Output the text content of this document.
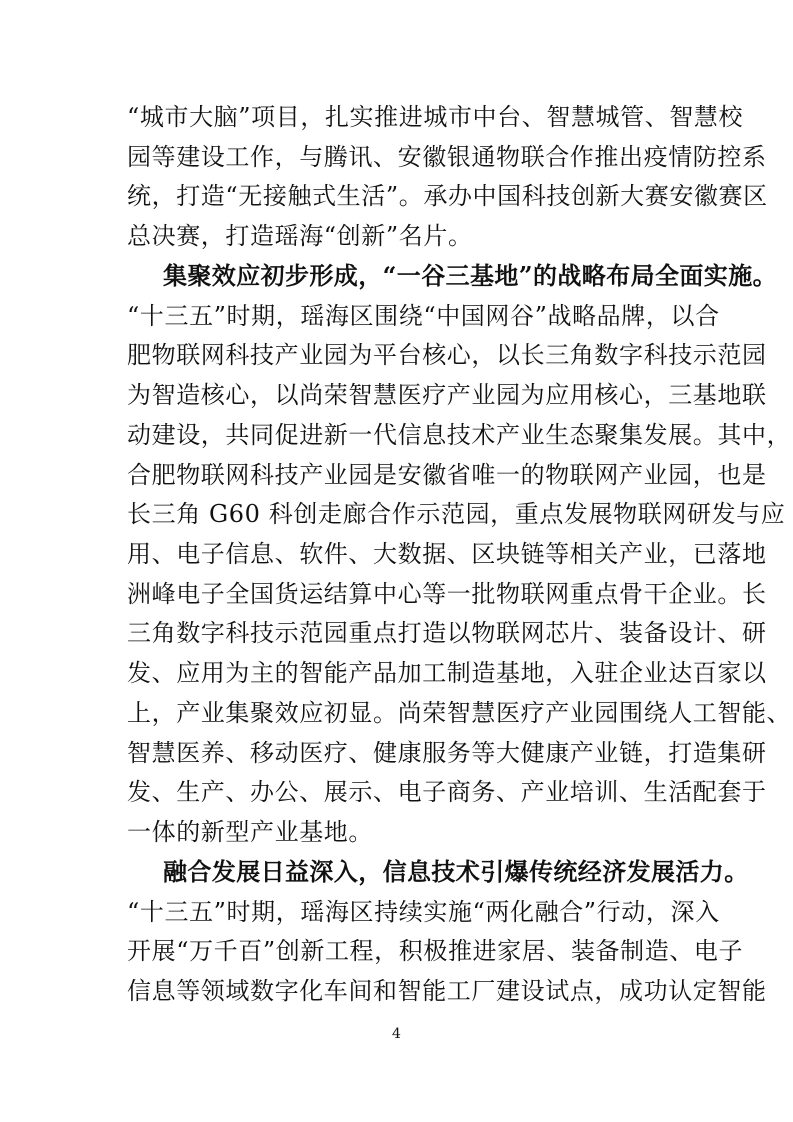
“城市大脑”项目，扎实推进城市中台、智慧城管、智慧校
园等建设工作，与腾讯、安徽银通物联合作推出疫情防控系
统，打造“无接触式生活”。承办中国科技创新大赛安徽赛区
总决赛，打造瑶海“创新”名片。
集聚效应初步形成，“一谷三基地”的战略布局全面实施。
“十三五”时期，瑶海区围绕“中国网谷”战略品牌，以合
肥物联网科技产业园为平台核心，以长三角数字科技示范园
为智造核心，以尚荣智慧医疗产业园为应用核心，三基地联
动建设，共同促进新一代信息技术产业生态聚集发展。其中，
合肥物联网科技产业园是安徽省唯一的物联网产业园，也是
长三角 G60 科创走廊合作示范园，重点发展物联网研发与应
用、电子信息、软件、大数据、区块链等相关产业，已落地
洲峰电子全国货运结算中心等一批物联网重点骨干企业。长
三角数字科技示范园重点打造以物联网芯片、装备设计、研
发、应用为主的智能产品加工制造基地，入驻企业达百家以
上，产业集聚效应初显。尚荣智慧医疗产业园围绕人工智能、
智慧医养、移动医疗、健康服务等大健康产业链，打造集研
发、生产、办公、展示、电子商务、产业培训、生活配套于
一体的新型产业基地。
融合发展日益深入，信息技术引爆传统经济发展活力。
“十三五”时期，瑶海区持续实施“两化融合”行动，深入
开展“万千百”创新工程，积极推进家居、装备制造、电子
信息等领域数字化车间和智能工厂建设试点，成功认定智能
4
